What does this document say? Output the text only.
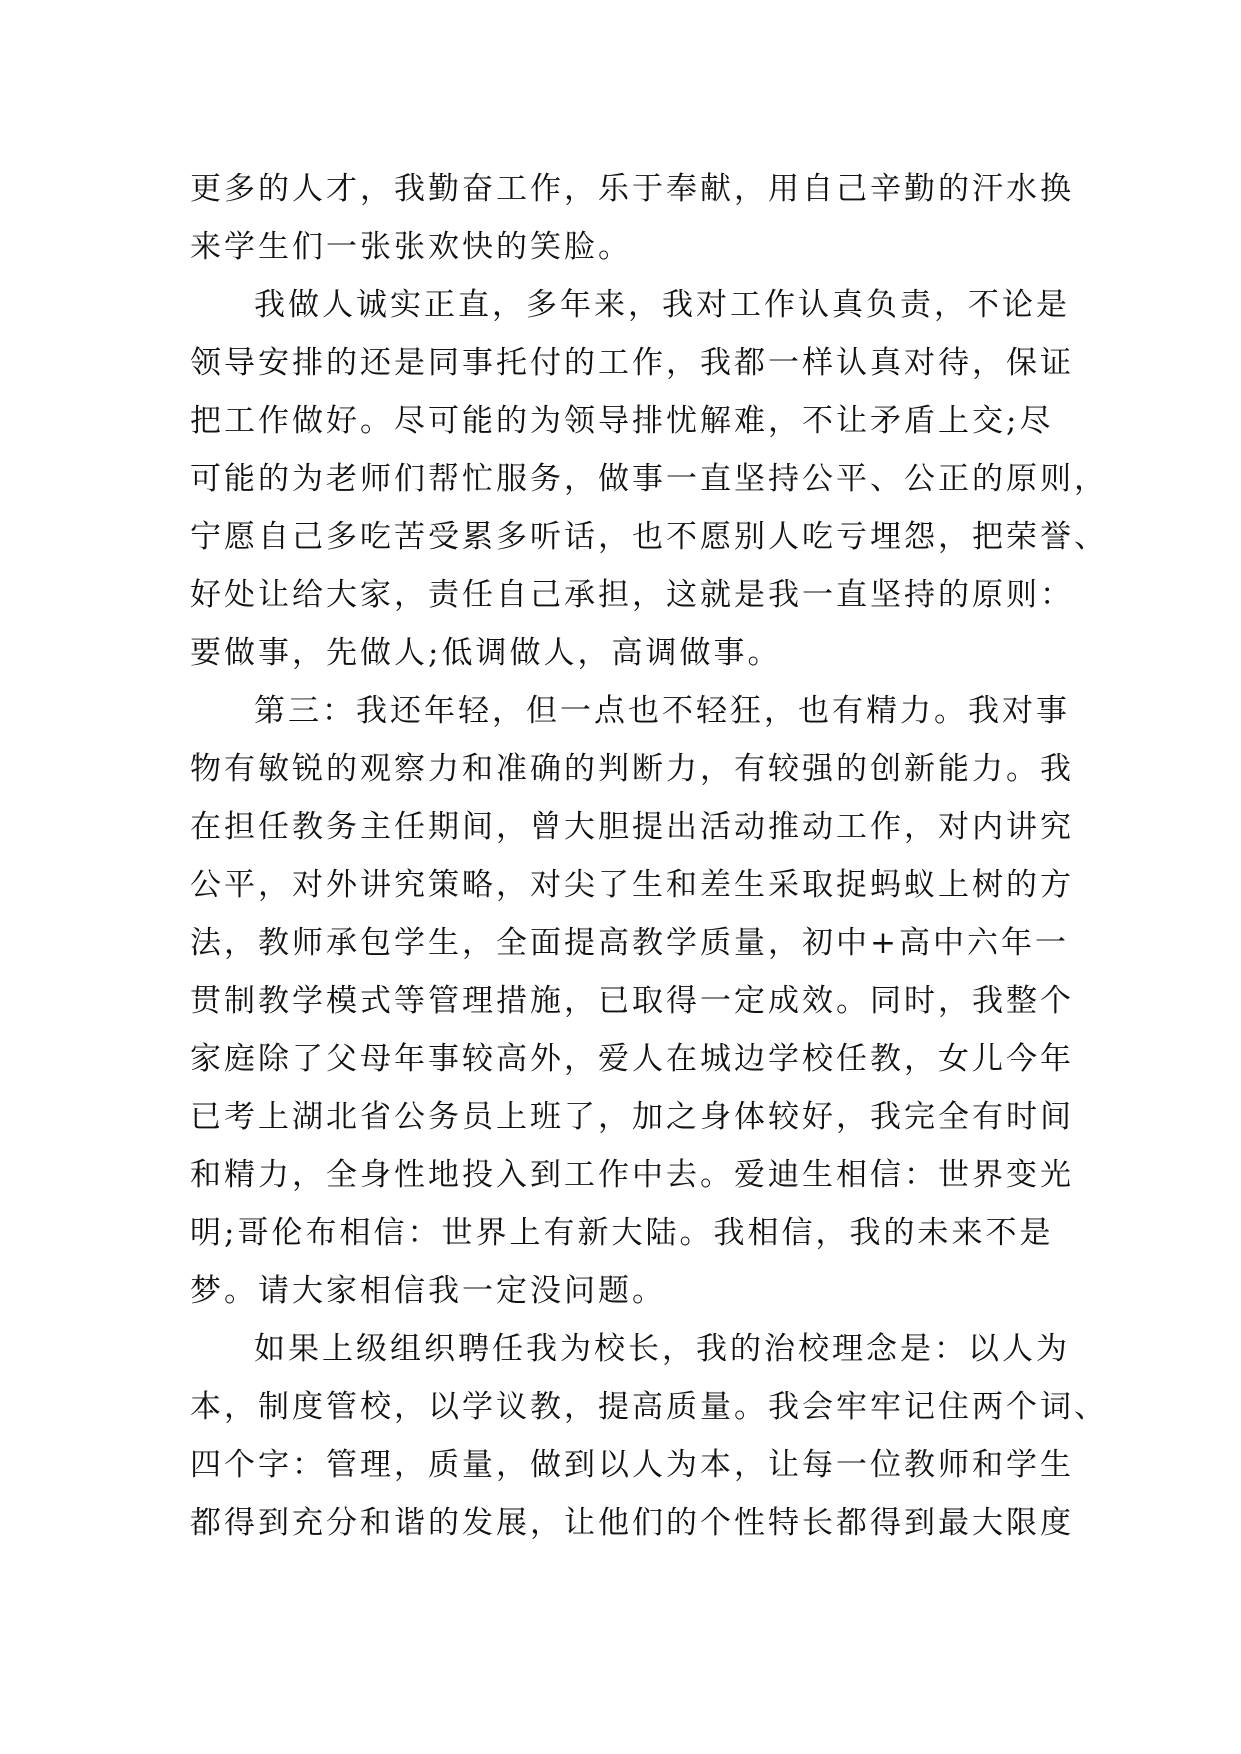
更多的人才，我勤奋工作，乐于奉献，用自己辛勤的汗水换
来学生们一张张欢快的笑脸。

我做人诚实正直，多年来，我对工作认真负责，不论是
领导安排的还是同事托付的工作，我都一样认真对待，保证
把工作做好。尽可能的为领导排忧解难，不让矛盾上交;尽
可能的为老师们帮忙服务，做事一直坚持公平、公正的原则，
宁愿自己多吃苦受累多听话，也不愿别人吃亏埋怨，把荣誉、
好处让给大家，责任自己承担，这就是我一直坚持的原则：
要做事，先做人;低调做人，高调做事。

第三：我还年轻，但一点也不轻狂，也有精力。我对事
物有敏锐的观察力和准确的判断力，有较强的创新能力。我
在担任教务主任期间，曾大胆提出活动推动工作，对内讲究
公平，对外讲究策略，对尖了生和差生采取捉蚂蚁上树的方
法，教师承包学生，全面提高教学质量，初中+高中六年一
贯制教学模式等管理措施，已取得一定成效。同时，我整个
家庭除了父母年事较高外，爱人在城边学校任教，女儿今年
已考上湖北省公务员上班了，加之身体较好，我完全有时间
和精力，全身性地投入到工作中去。爱迪生相信：世界变光
明;哥伦布相信：世界上有新大陆。我相信，我的未来不是
梦。请大家相信我一定没问题。

如果上级组织聘任我为校长，我的治校理念是：以人为
本，制度管校，以学议教，提高质量。我会牢牢记住两个词、
四个字：管理，质量，做到以人为本，让每一位教师和学生
都得到充分和谐的发展，让他们的个性特长都得到最大限度
